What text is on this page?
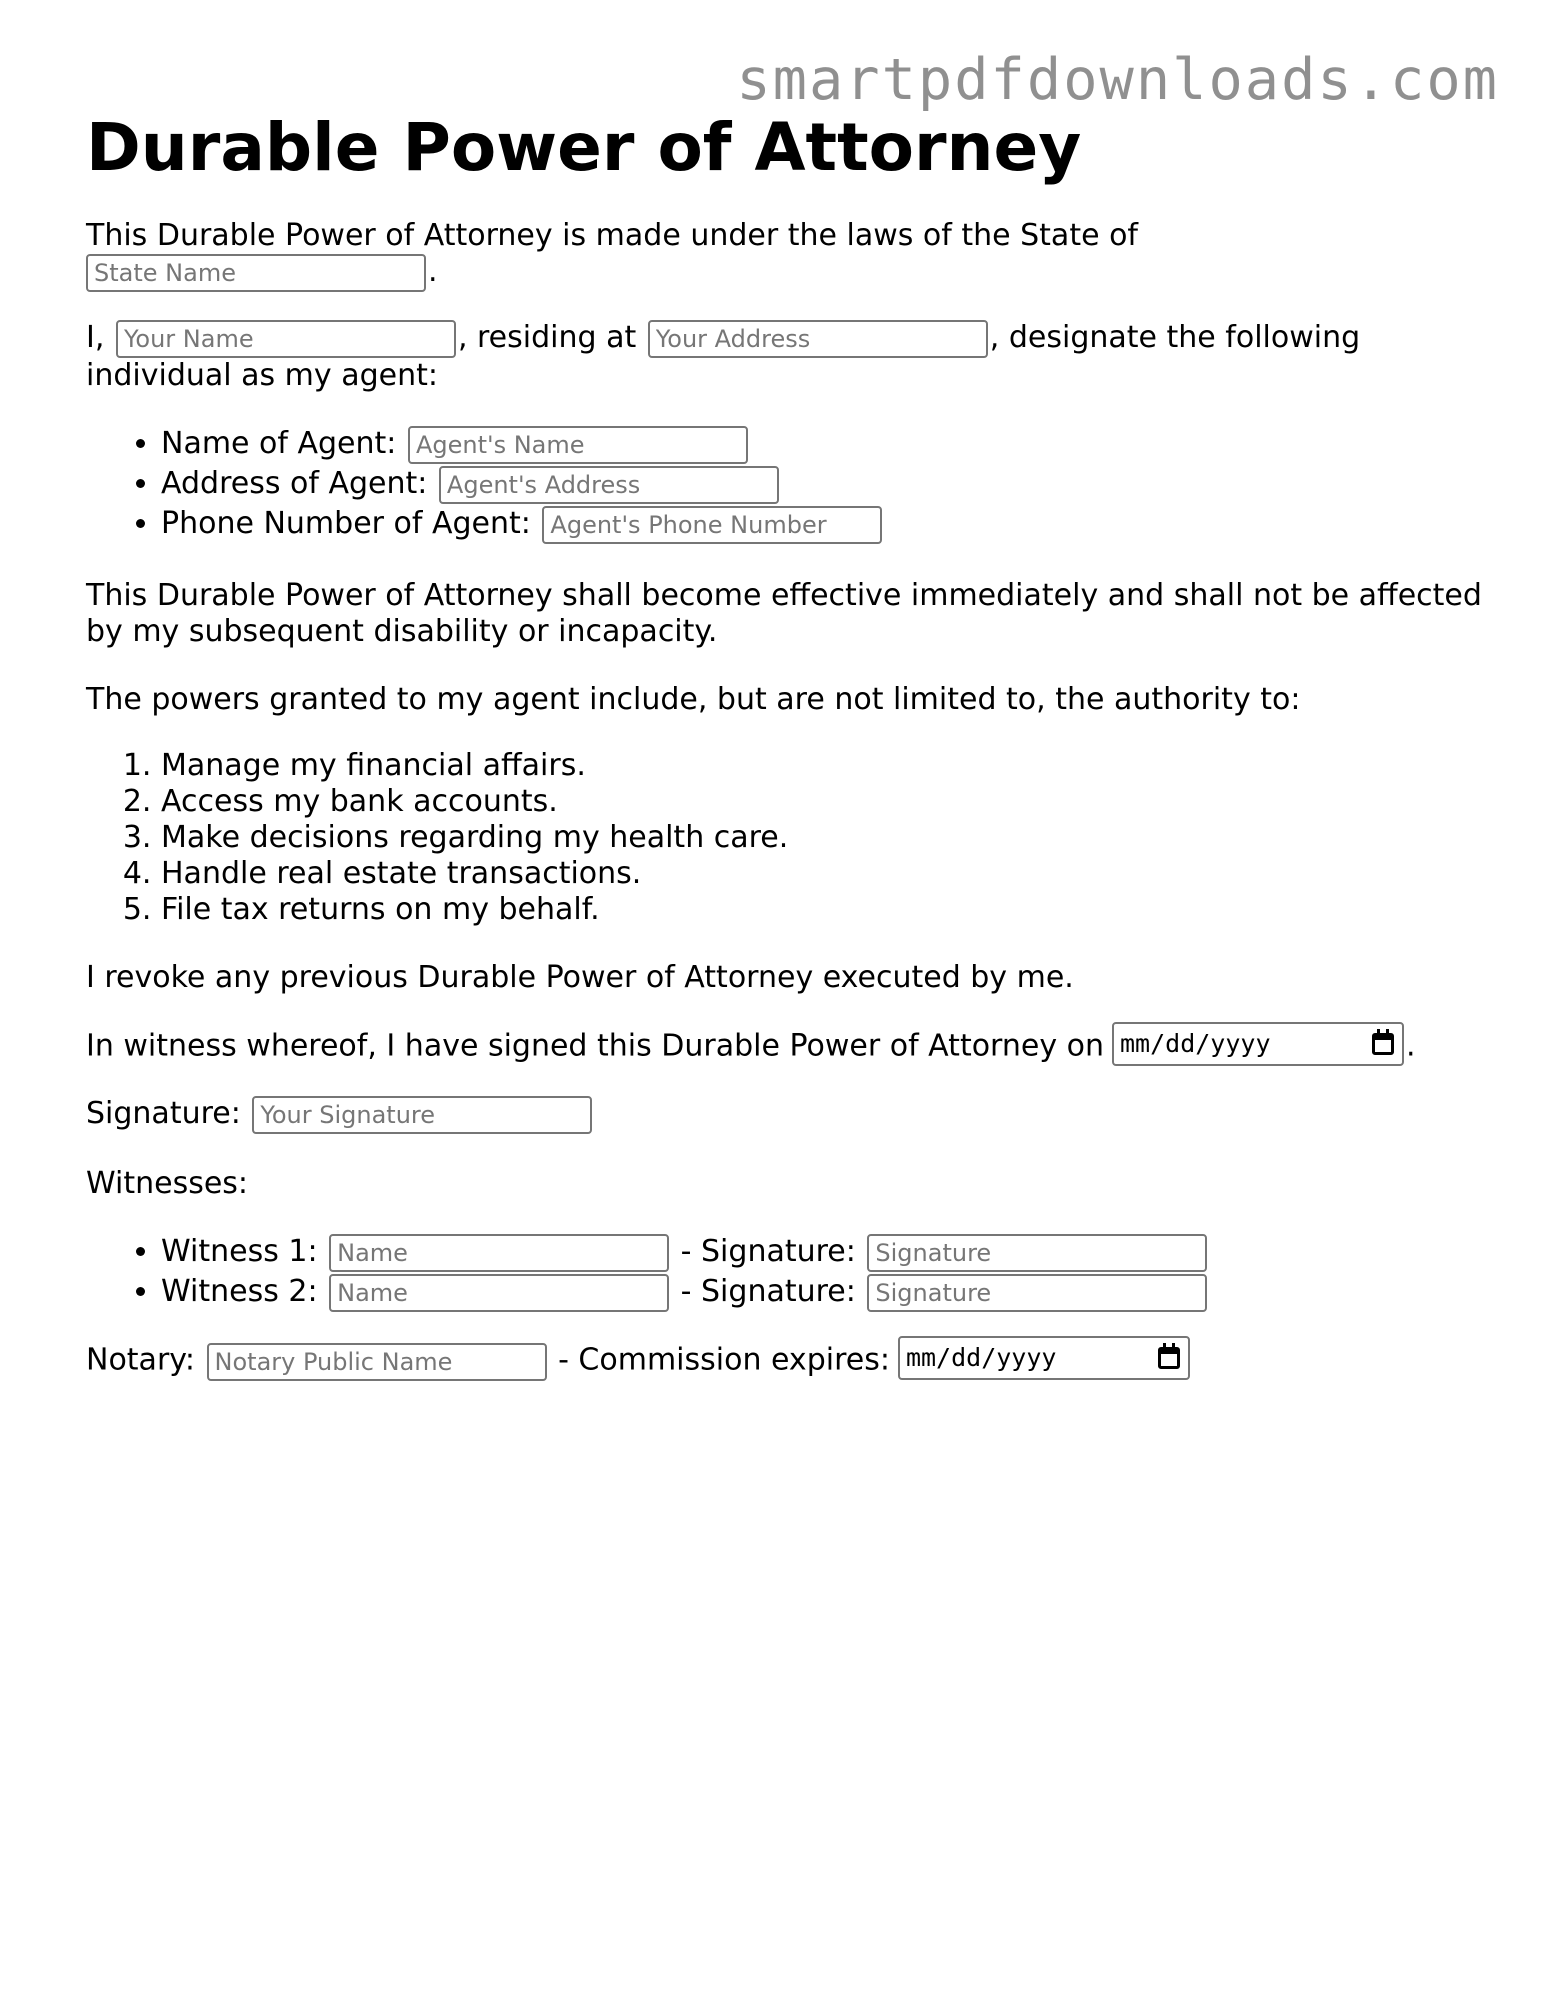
smartpdfdownloads.com
Durable Power of Attorney

This Durable Power of Attorney is made under the laws of the State of
State Name.

I, Your Name	, residing at Your Address	, designate the following individual as my agent:

• Name of Agent: Agent's Name
• Address of Agent: Agent's Address
• Phone Number of Agent: Agent's Phone Number

This Durable Power of Attorney shall become effective immediately and shall not be affected by my subsequent disability or incapacity.

The powers granted to my agent include, but are not limited to, the authority to:

1. Manage my financial affairs.
2. Access my bank accounts.
3. Make decisions regarding my health care.
4. Handle real estate transactions.
5. File tax returns on my behalf.

I revoke any previous Durable Power of Attorney executed by me.

In witness whereof, I have signed this Durable Power of Attorney on mm/dd/yyyy	.

Signature: Your Signature

Witnesses:

• Witness 1: Name	- Signature: Signature
• Witness 2: Name	- Signature: Signature

Notary: Notary Public Name	- Commission expires: mm/dd/yyyy
